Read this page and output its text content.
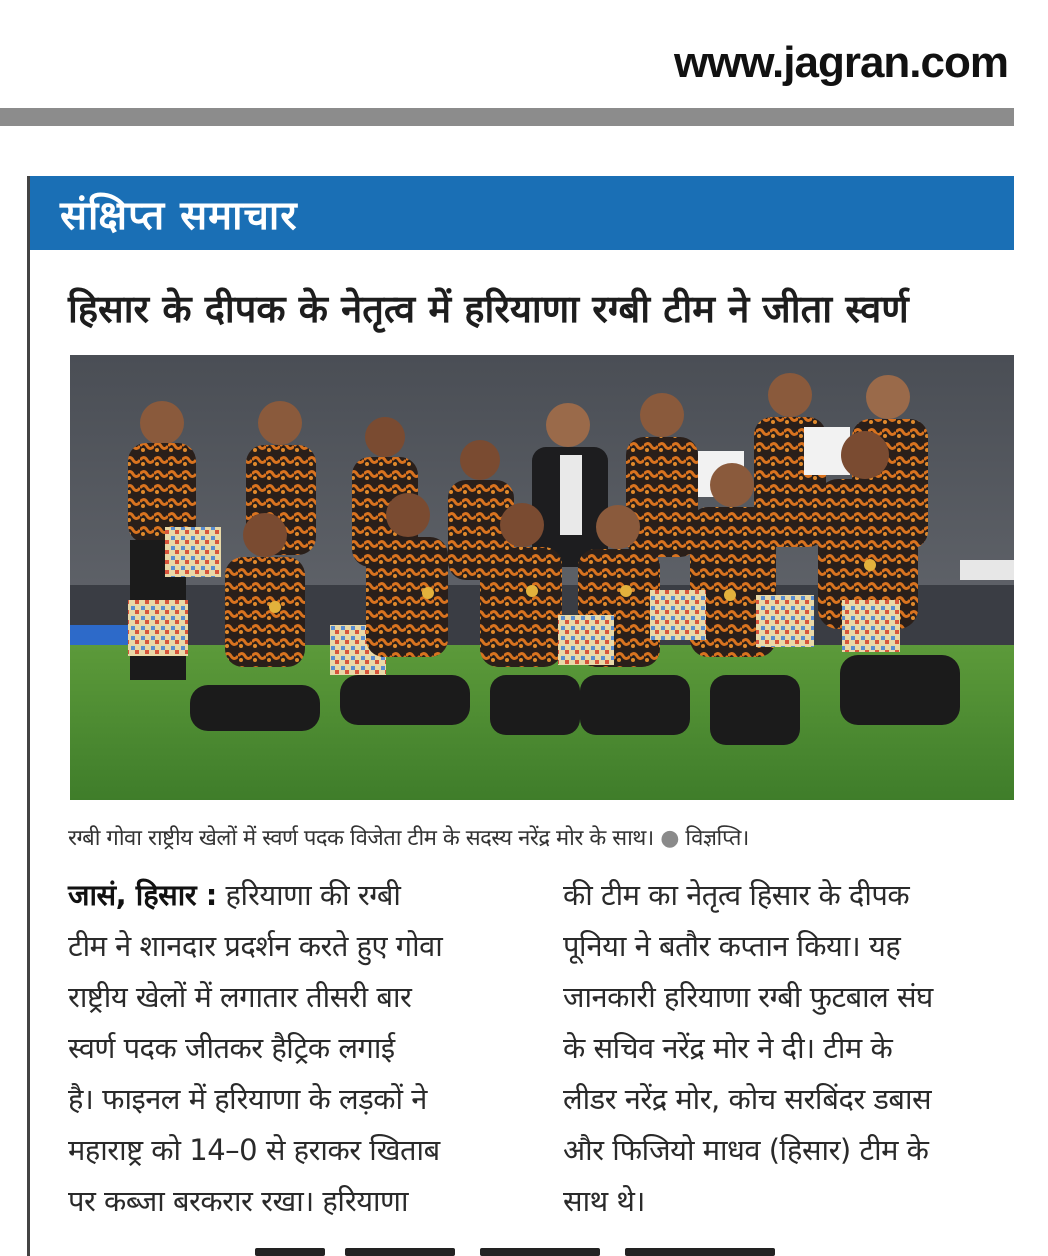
www.jagran.com
संक्षिप्त समाचार
हिसार के दीपक के नेतृत्व में हरियाणा रग्बी टीम ने जीता स्वर्ण
रग्बी गोवा राष्ट्रीय खेलों में स्वर्ण पदक विजेता टीम के सदस्य नरेंद्र मोर के साथ। ● विज्ञप्ति।
जासं, हिसार : हरियाणा की रग्बी
टीम ने शानदार प्रदर्शन करते हुए गोवा
राष्ट्रीय खेलों में लगातार तीसरी बार
स्वर्ण पदक जीतकर हैट्रिक लगाई
है। फाइनल में हरियाणा के लड़कों ने
महाराष्ट्र को 14–0 से हराकर खिताब
पर कब्जा बरकरार रखा। हरियाणा
की टीम का नेतृत्व हिसार के दीपक
पूनिया ने बतौर कप्तान किया। यह
जानकारी हरियाणा रग्बी फुटबाल संघ
के सचिव नरेंद्र मोर ने दी। टीम के
लीडर नरेंद्र मोर, कोच सरबिंदर डबास
और फिजियो माधव (हिसार) टीम के
साथ थे।
